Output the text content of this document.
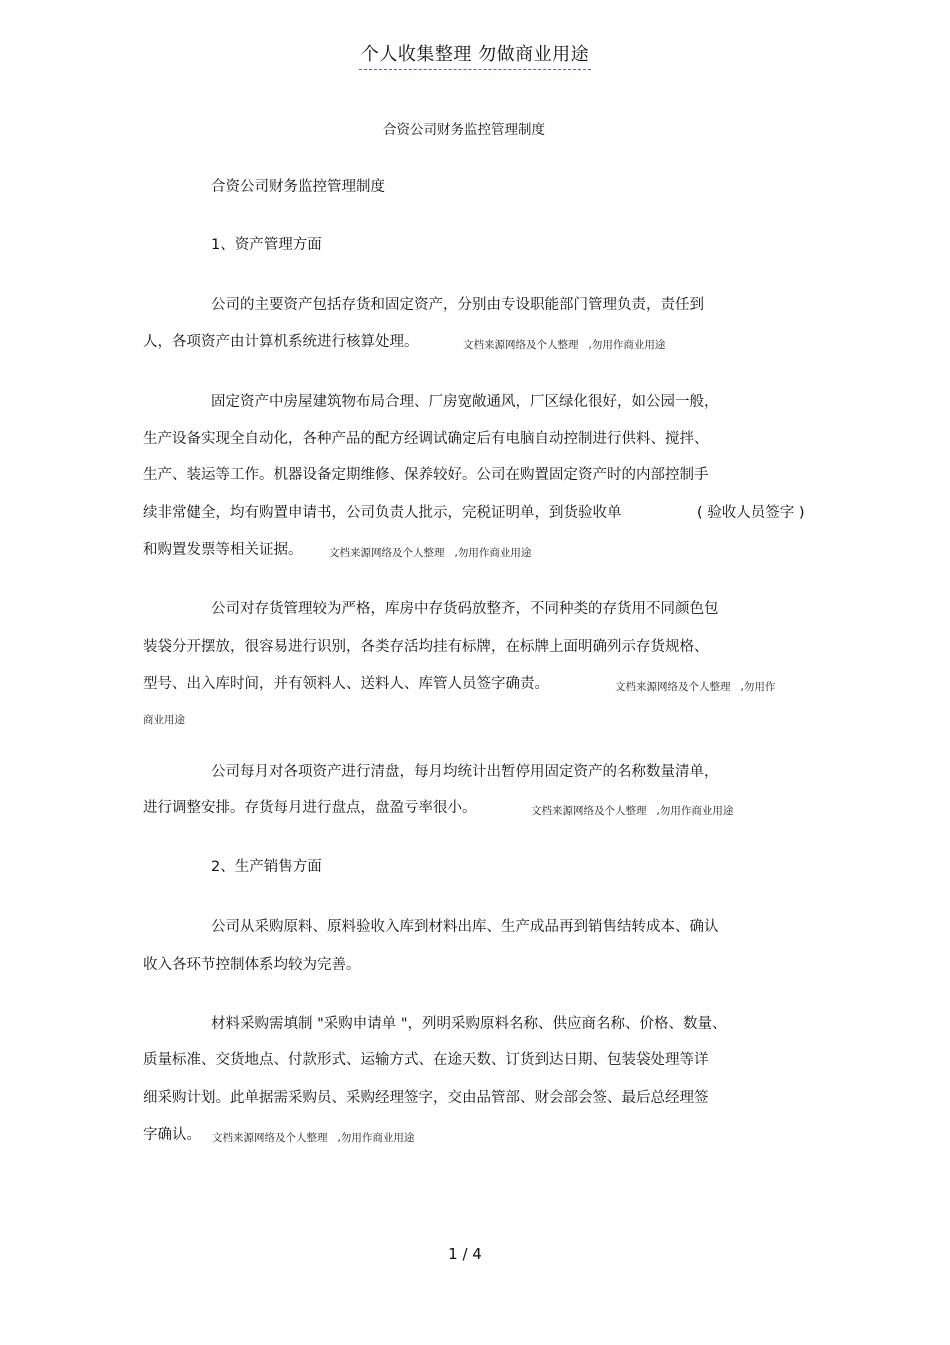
个人收集整理 勿做商业用途
合资公司财务监控管理制度
合资公司财务监控管理制度
1、资产管理方面
公司的主要资产包括存货和固定资产，分别由专设职能部门管理负责，责任到
人，各项资产由计算机系统进行核算处理。	文档来源网络及个人整理   ,勿用作商业用途
固定资产中房屋建筑物布局合理、厂房宽敞通风，厂区绿化很好，如公园一般，
生产设备实现全自动化，各种产品的配方经调试确定后有电脑自动控制进行供料、搅拌、
生产、装运等工作。机器设备定期维修、保养较好。公司在购置固定资产时的内部控制手
续非常健全，均有购置申请书，公司负责人批示，完税证明单，到货验收单	( 验收人员签字 )
和购置发票等相关证据。	文档来源网络及个人整理   ,勿用作商业用途
公司对存货管理较为严格，库房中存货码放整齐，不同种类的存货用不同颜色包
装袋分开摆放，很容易进行识别，各类存活均挂有标牌，在标牌上面明确列示存货规格、
型号、出入库时间，并有领料人、送料人、库管人员签字确责。	文档来源网络及个人整理   ,勿用作
商业用途
公司每月对各项资产进行清盘，每月均统计出暂停用固定资产的名称数量清单，
进行调整安排。存货每月进行盘点，盘盈亏率很小。	文档来源网络及个人整理   ,勿用作商业用途
2、生产销售方面
公司从采购原料、原料验收入库到材料出库、生产成品再到销售结转成本、确认
收入各环节控制体系均较为完善。
材料采购需填制 "采购申请单 "，列明采购原料名称、供应商名称、价格、数量、
质量标准、交货地点、付款形式、运输方式、在途天数、订货到达日期、包装袋处理等详
细采购计划。此单据需采购员、采购经理签字，交由品管部、财会部会签、最后总经理签
字确认。 文档来源网络及个人整理   ,勿用作商业用途
1 / 4
